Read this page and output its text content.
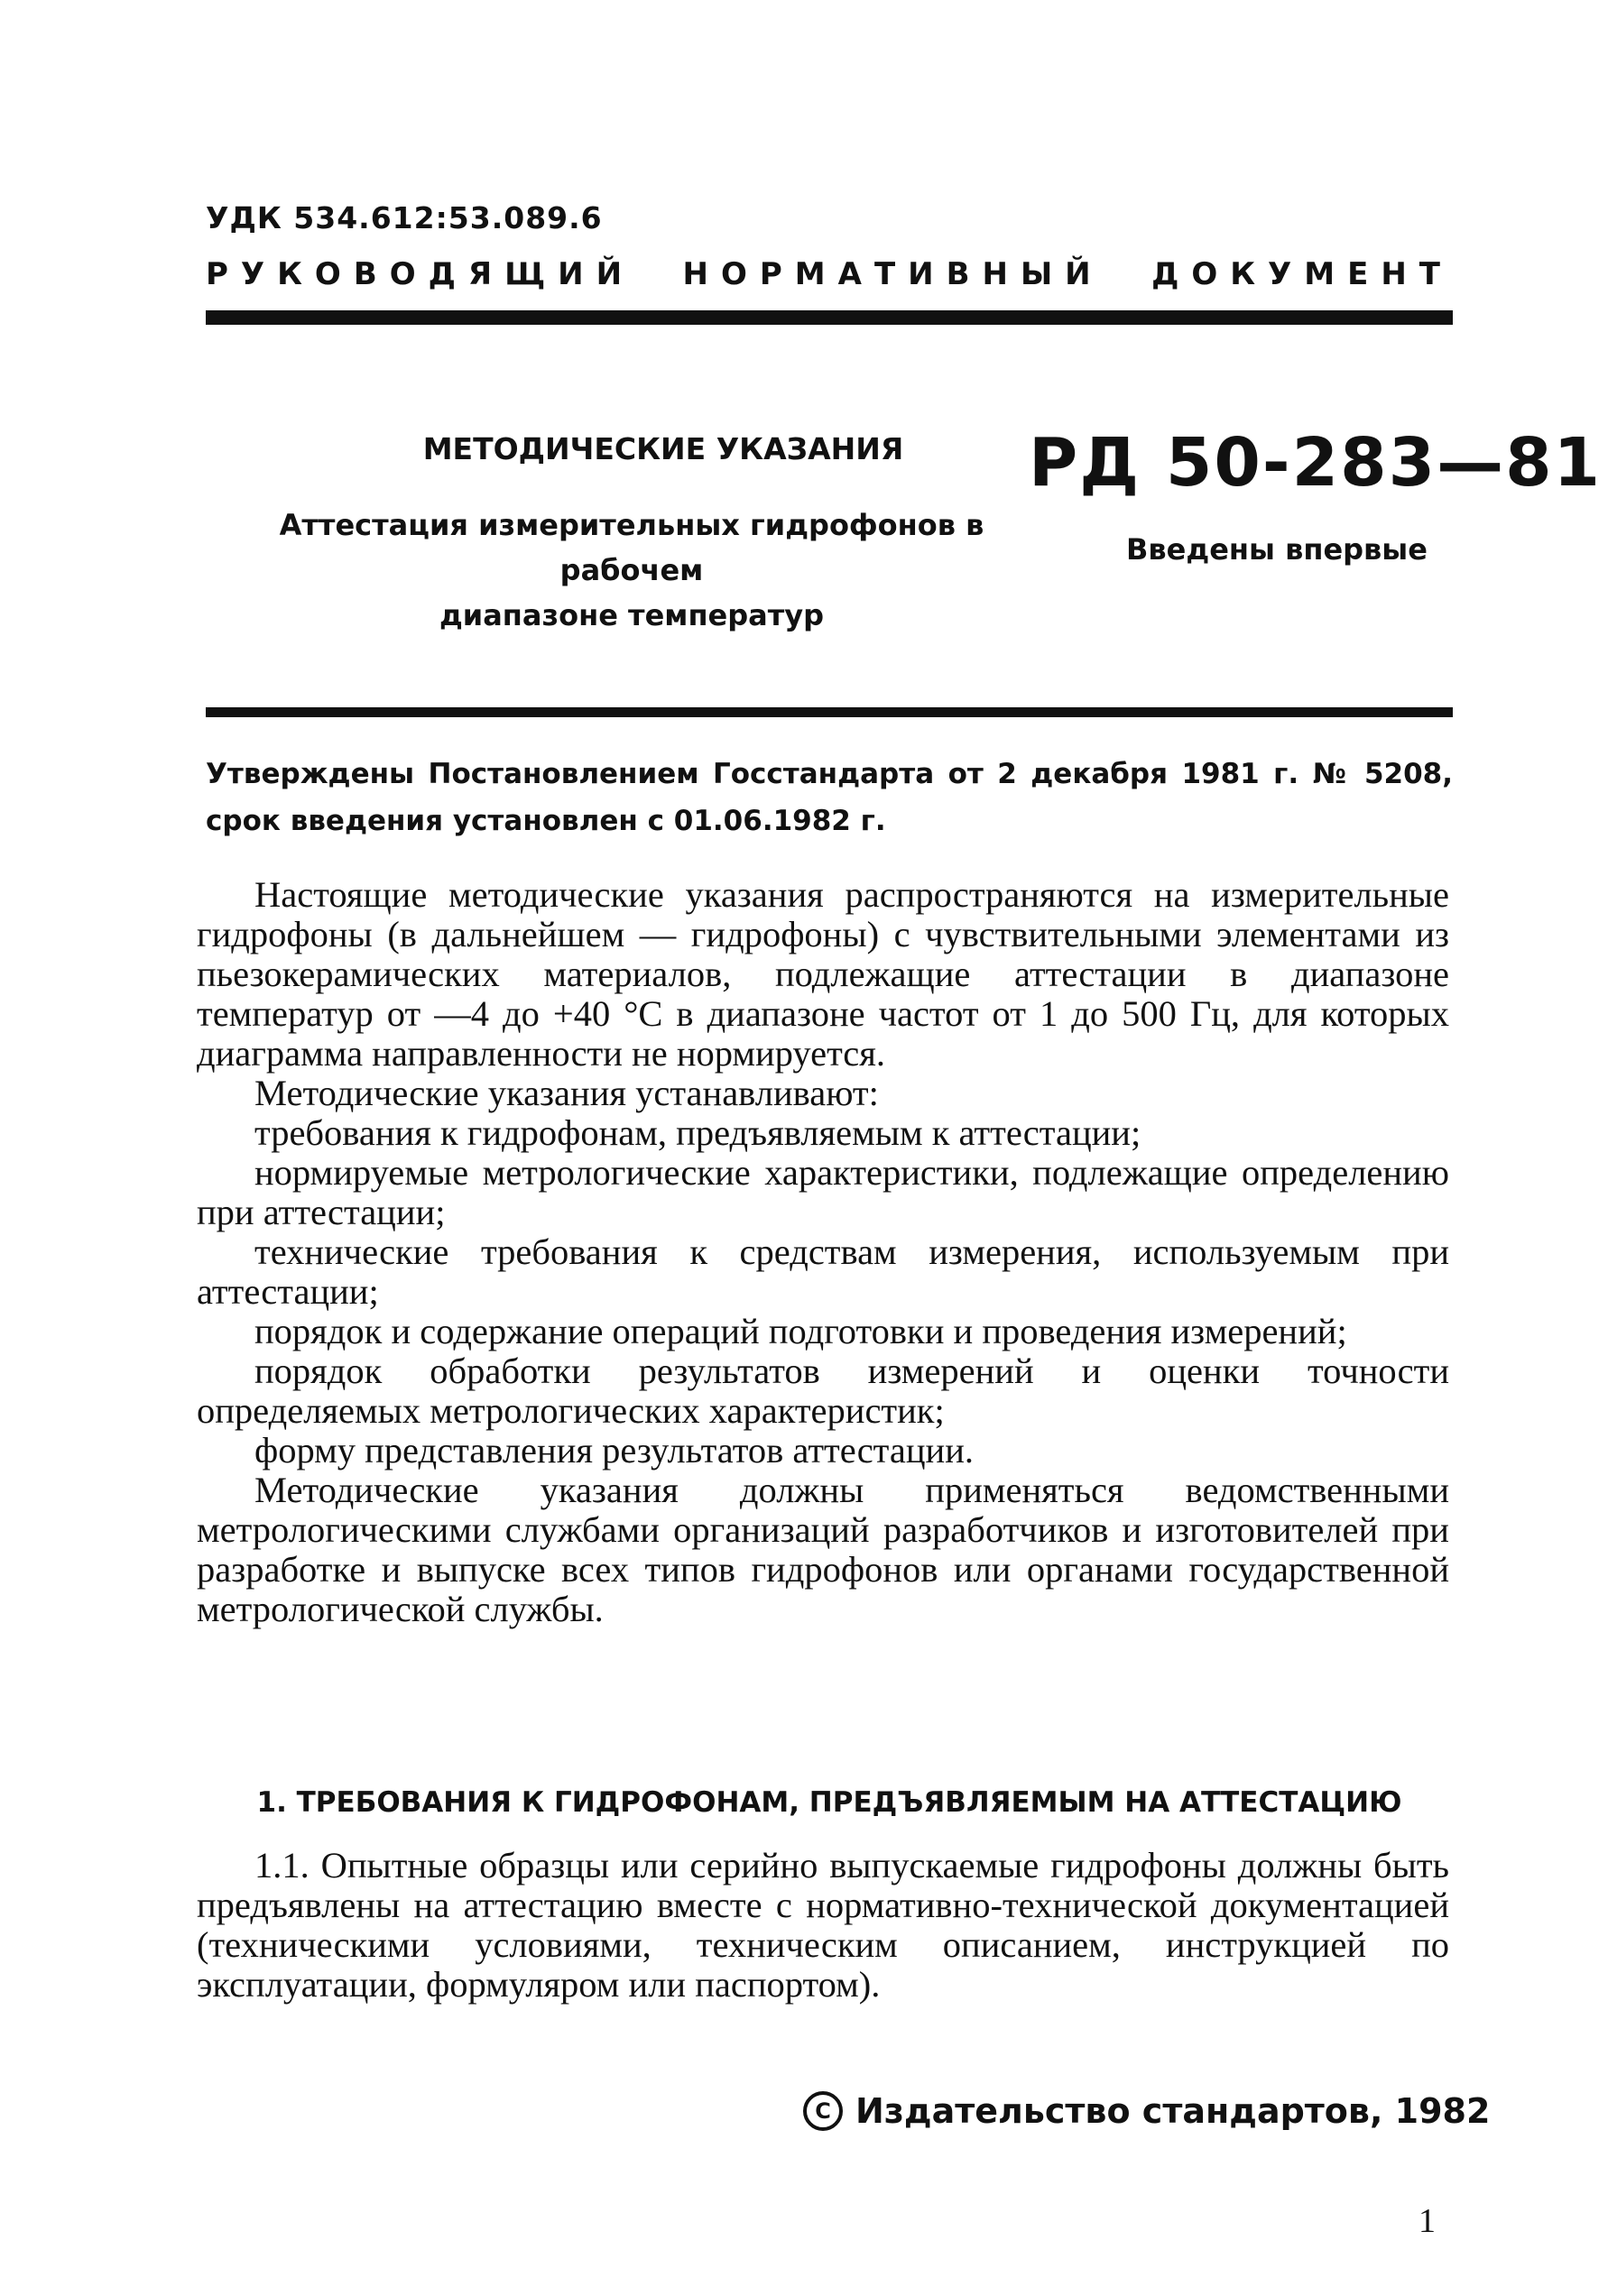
УДК 534.612:53.089.6
РУКОВОДЯЩИЙ НОРМАТИВНЫЙ ДОКУМЕНТ
МЕТОДИЧЕСКИЕ УКАЗАНИЯ
Аттестация измерительных гидрофонов в рабочем
диапазоне температур
РД 50-283—81
Введены впервые
Утверждены Постановлением Госстандарта от 2 декабря 1981 г. № 5208, срок введения установлен с 01.06.1982 г.

Настоящие методические указания распространяются на измерительные гидрофоны (в дальнейшем — гидрофоны) с чувствительными элементами из пьезокерамических материалов, подлежащие аттестации в диапазоне температур от —4 до +40 °С в диапазоне частот от 1 до 500 Гц, для которых диаграмма направленности не нормируется.

Методические указания устанавливают:

требования к гидрофонам, предъявляемым к аттестации;

нормируемые метрологические характеристики, подлежащие определению при аттестации;

технические требования к средствам измерения, используемым при аттестации;

порядок и содержание операций подготовки и проведения измерений;

порядок обработки результатов измерений и оценки точности определяемых метрологических характеристик;

форму представления результатов аттестации.

Методические указания должны применяться ведомственными метрологическими службами организаций разработчиков и изготовителей при разработке и выпуске всех типов гидрофонов или органами государственной метрологической службы.

1. ТРЕБОВАНИЯ К ГИДРОФОНАМ, ПРЕДЪЯВЛЯЕМЫМ НА АТТЕСТАЦИЮ

1.1. Опытные образцы или серийно выпускаемые гидрофоны должны быть предъявлены на аттестацию вместе с нормативно-технической документацией (техническими условиями, техническим описанием, инструкцией по эксплуатации, формуляром или паспортом).

C
Издательство стандартов, 1982
1
